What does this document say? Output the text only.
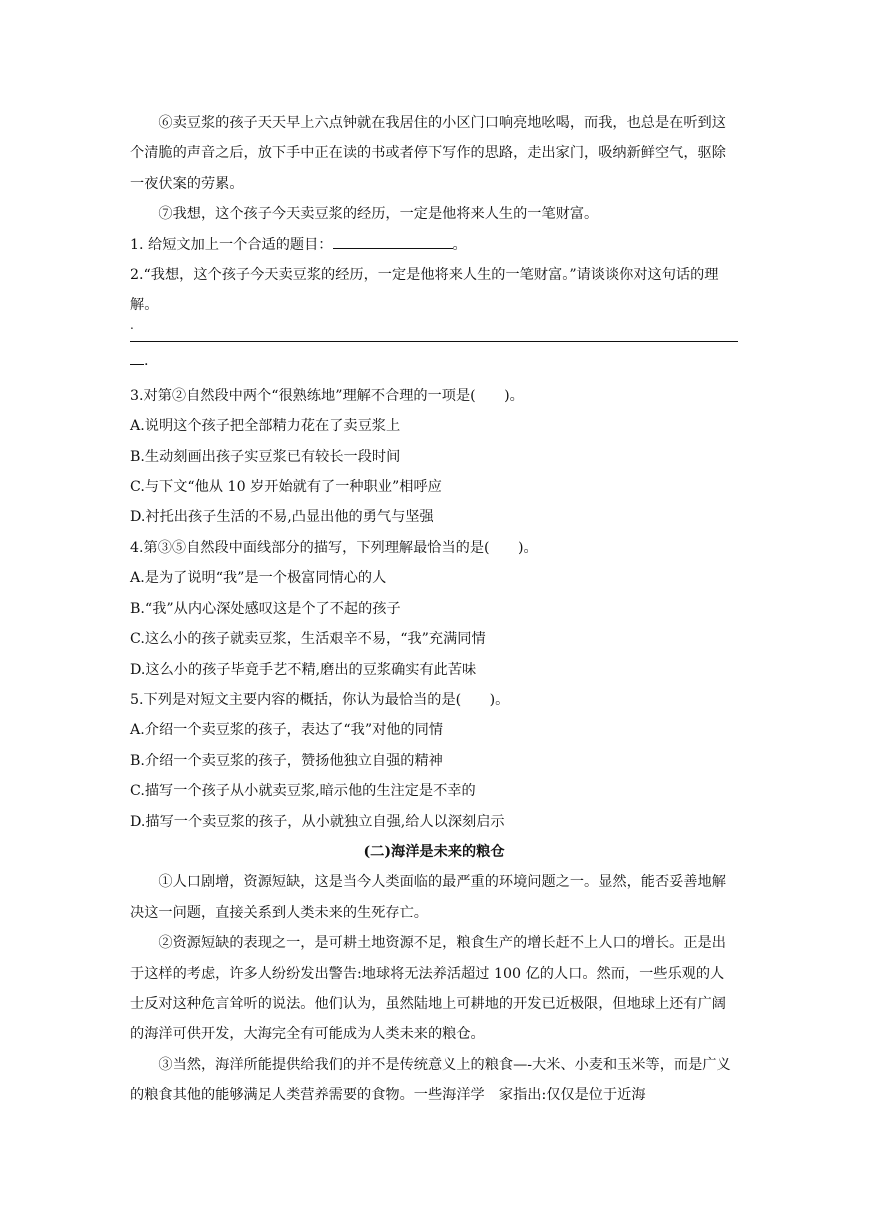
⑥卖豆浆的孩子天天早上六点钟就在我居住的小区门口响亮地吆喝，而我，也总是在听到这个清脆的声音之后，放下手中正在读的书或者停下写作的思路，走出家门，吸纳新鲜空气，驱除一夜伏案的劳累。

⑦我想，这个孩子今天卖豆浆的经历，一定是他将来人生的一笔财富。

1. 给短文加上一个合适的题目：	。

2.“我想，这个孩子今天卖豆浆的经历，一定是他将来人生的一笔财富。”请谈谈你对这句话的理解。

.
.

3.对第②自然段中两个“很熟练地”理解不合理的一项是(　　)。

A.说明这个孩子把全部精力花在了卖豆浆上

B.生动刻画出孩子实豆浆已有较长一段时间

C.与下文“他从 10 岁开始就有了一种职业”相呼应

D.衬托出孩子生活的不易,凸显出他的勇气与坚强

4.第③⑤自然段中面线部分的描写，下列理解最恰当的是(　　)。

A.是为了说明“我”是一个极富同情心的人

B.“我”从内心深处感叹这是个了不起的孩子

C.这么小的孩子就卖豆浆，生活艰辛不易，“我”充满同情

D.这么小的孩子毕竟手艺不精,磨出的豆浆确实有此苦味

5.下列是对短文主要内容的概括，你认为最恰当的是(　　)。

A.介绍一个卖豆浆的孩子，表达了“我”对他的同情

B.介绍一个卖豆浆的孩子，赞扬他独立自强的精神

C.描写一个孩子从小就卖豆浆,暗示他的生注定是不幸的

D.描写一个卖豆浆的孩子，从小就独立自强,给人以深刻启示

(二)海洋是未来的粮仓

①人口剧增，资源短缺，这是当今人类面临的最严重的环境问题之一。显然，能否妥善地解决这一问题，直接关系到人类未来的生死存亡。

②资源短缺的表现之一，是可耕土地资源不足，粮食生产的增长赶不上人口的增长。正是出于这样的考虑，许多人纷纷发出警告:地球将无法养活超过 100 亿的人口。然而，一些乐观的人士反对这种危言耸听的说法。他们认为，虽然陆地上可耕地的开发已近极限，但地球上还有广阔的海洋可供开发，大海完全有可能成为人类未来的粮仓。

③当然，海洋所能提供给我们的并不是传统意义上的粮食—-大米、小麦和玉米等，而是广义的粮食其他的能够满足人类营养需要的食物。一些海洋学　家指出:仅仅是位于近海
